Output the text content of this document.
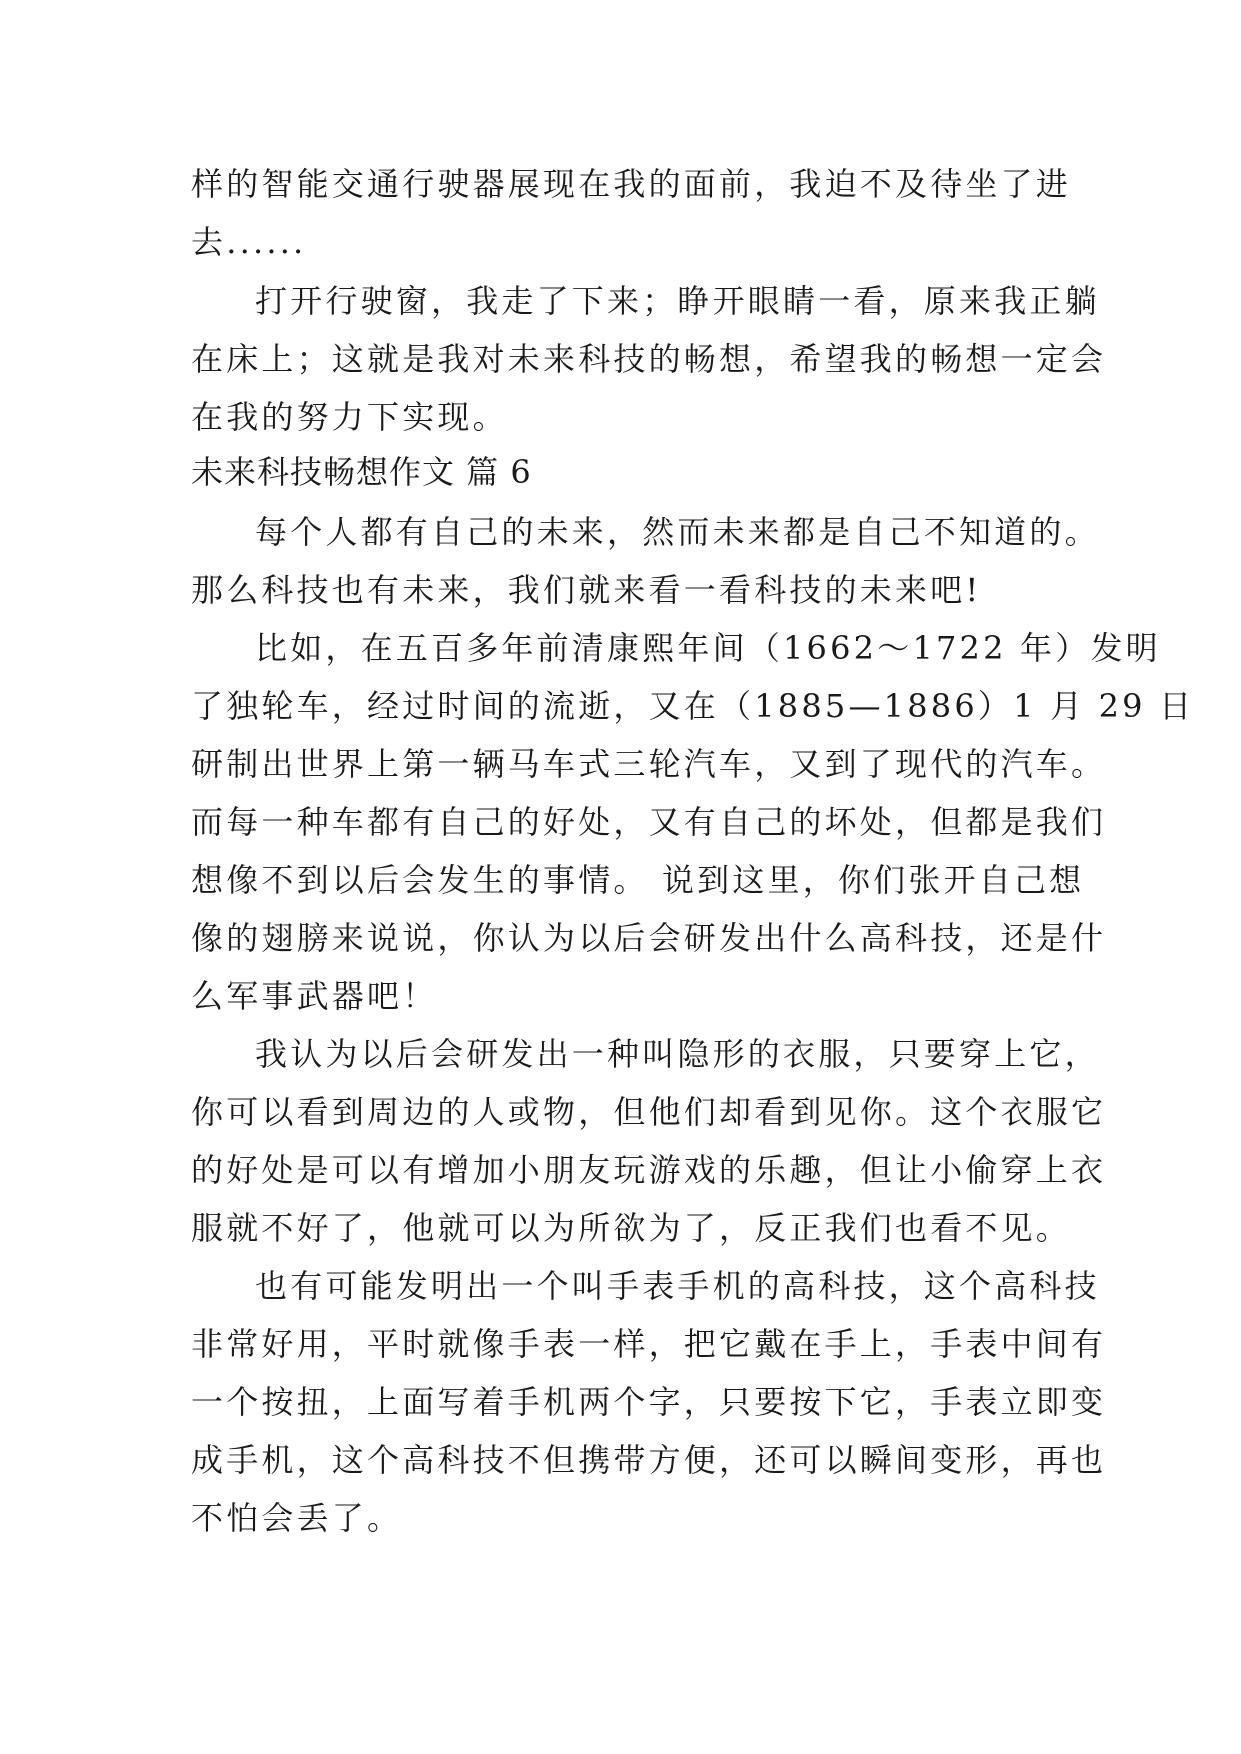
样的智能交通行驶器展现在我的面前，我迫不及待坐了进
去......
打开行驶窗，我走了下来；睁开眼睛一看，原来我正躺
在床上；这就是我对未来科技的畅想，希望我的畅想一定会
在我的努力下实现。
未来科技畅想作文 篇 6
每个人都有自己的未来，然而未来都是自己不知道的。
那么科技也有未来，我们就来看一看科技的未来吧!
比如，在五百多年前清康熙年间（1662～1722 年）发明
了独轮车，经过时间的流逝，又在（1885—1886）1 月 29 日
研制出世界上第一辆马车式三轮汽车，又到了现代的汽车。
而每一种车都有自己的好处，又有自己的坏处，但都是我们
想像不到以后会发生的事情。 说到这里，你们张开自己想
像的翅膀来说说，你认为以后会研发出什么高科技，还是什
么军事武器吧！
我认为以后会研发出一种叫隐形的衣服，只要穿上它，
你可以看到周边的人或物，但他们却看到见你。这个衣服它
的好处是可以有增加小朋友玩游戏的乐趣，但让小偷穿上衣
服就不好了，他就可以为所欲为了，反正我们也看不见。
也有可能发明出一个叫手表手机的高科技，这个高科技
非常好用，平时就像手表一样，把它戴在手上，手表中间有
一个按扭，上面写着手机两个字，只要按下它，手表立即变
成手机，这个高科技不但携带方便，还可以瞬间变形，再也
不怕会丢了。
